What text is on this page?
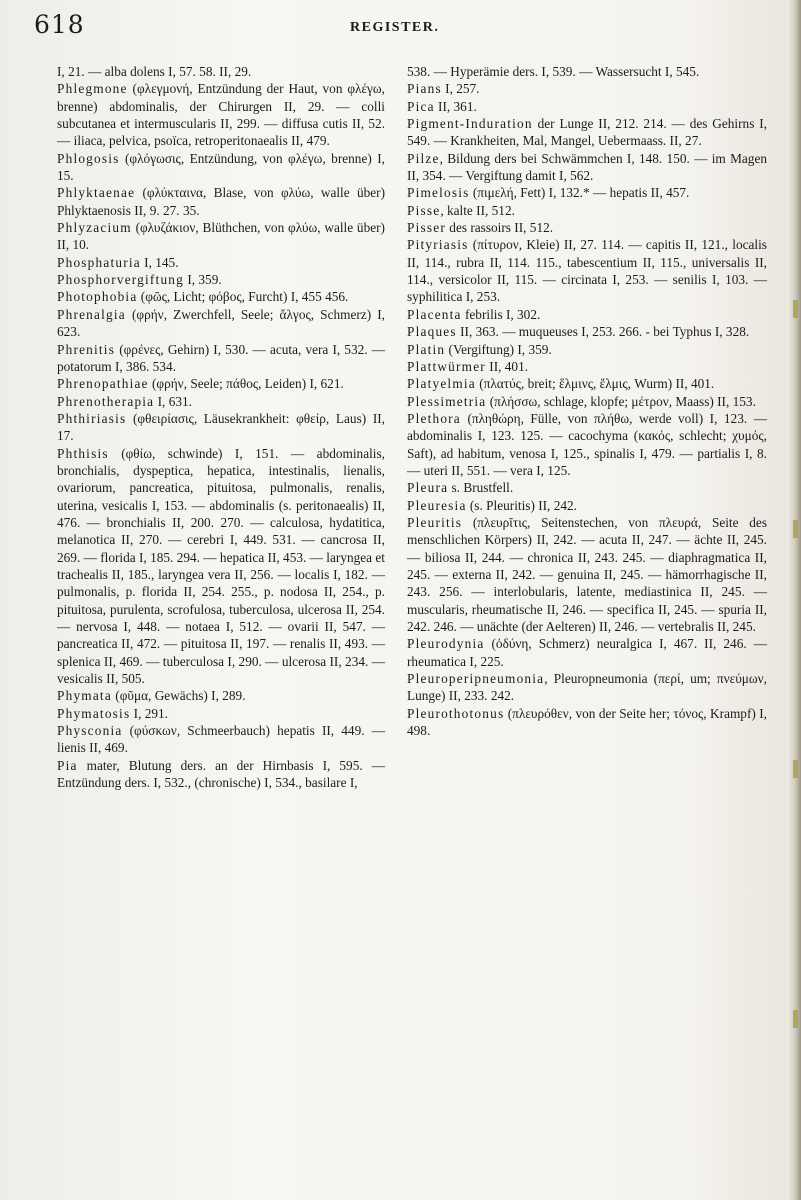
618	REGISTER.

I, 21. — alba dolens I, 57. 58. II, 29.

Phlegmone (φλεγμονή, Entzündung der Haut, von φλέγω, brenne) abdominalis, der Chirurgen II, 29. — colli subcutanea et intermuscularis II, 299. — diffusa cutis II, 52. — iliaca, pelvica, psoïca, retroperitonaealis II, 479.

Phlogosis (φλόγωσις, Entzündung, von φλέγω, brenne) I, 15.

Phlyktaenae (φλύκταινα, Blase, von φλύω, walle über) Phlyktaenosis II, 9. 27. 35.

Phlyzacium (φλυζάκιον, Blüthchen, von φλύω, walle über) II, 10.

Phosphaturia I, 145.

Phosphorvergiftung I, 359.

Photophobia (φῶς, Licht; φόβος, Furcht) I, 455 456.

Phrenalgia (φρήν, Zwerchfell, Seele; ἄλγος, Schmerz) I, 623.

Phrenitis (φρένες, Gehirn) I, 530. — acuta, vera I, 532. — potatorum I, 386. 534.

Phrenopathiae (φρήν, Seele; πάθος, Leiden) I, 621.

Phrenotherapia I, 631.

Phthiriasis (φθειρίασις, Läusekrankheit: φθείρ, Laus) II, 17.

Phthisis (φθίω, schwinde) I, 151. — abdominalis, bronchialis, dyspeptica, hepatica, intestinalis, lienalis, ovariorum, pancreatica, pituitosa, pulmonalis, renalis, uterina, vesicalis I, 153. — abdominalis (s. peritonaealis) II, 476. — bronchialis II, 200. 270. — calculosa, hydatitica, melanotica II, 270. — cerebri I, 449. 531. — cancrosa II, 269. — florida I, 185. 294. — hepatica II, 453. — laryngea et trachealis II, 185., laryngea vera II, 256. — localis I, 182. — pulmonalis, p. florida II, 254. 255., p. nodosa II, 254., p. pituitosa, purulenta, scrofulosa, tuberculosa, ulcerosa II, 254. — nervosa I, 448. — notaea I, 512. — ovarii II, 547. — pancreatica II, 472. — pituitosa II, 197. — renalis II, 493. — splenica II, 469. — tuberculosa I, 290. — ulcerosa II, 234. — vesicalis II, 505.

Phymata (φῦμα, Gewächs) I, 289.

Phymatosis I, 291.

Physconia (φύσκων, Schmeerbauch) hepatis II, 449. — lienis II, 469.

Pia mater, Blutung ders. an der Hirnbasis I, 595. — Entzündung ders. I, 532., (chronische) I, 534., basilare I,

538. — Hyperämie ders. I, 539. — Wassersucht I, 545.

Pians I, 257.

Pica II, 361.

Pigment-Induration der Lunge II, 212. 214. — des Gehirns I, 549. — Krankheiten, Mal, Mangel, Uebermaass. II, 27.

Pilze, Bildung ders bei Schwämmchen I, 148. 150. — im Magen II, 354. — Vergiftung damit I, 562.

Pimelosis (πιμελή, Fett) I, 132.* — hepatis II, 457.

Pisse, kalte II, 512.

Pisser des rassoirs II, 512.

Pityriasis (πίτυρον, Kleie) II, 27. 114. — capitis II, 121., localis II, 114., rubra II, 114. 115., tabescentium II, 115., universalis II, 114., versicolor II, 115. — circinata I, 253. — senilis I, 103. — syphilitica I, 253.

Placenta febrilis I, 302.

Plaques II, 363. — muqueuses I, 253. 266. - bei Typhus I, 328.

Platin (Vergiftung) I, 359.

Plattwürmer II, 401.

Platyelmia (πλατύς, breit; ἕλμινς, ἕλμις, Wurm) II, 401.

Plessimetria (πλήσσω, schlage, klopfe; μέτρον, Maass) II, 153.

Plethora (πληθώρη, Fülle, von πλήθω, werde voll) I, 123. — abdominalis I, 123. 125. — cacochyma (κακός, schlecht; χυμός, Saft), ad habitum, venosa I, 125., spinalis I, 479. — partialis I, 8. — uteri II, 551. — vera I, 125.

Pleura s. Brustfell.

Pleuresia (s. Pleuritis) II, 242.

Pleuritis (πλευρῖτις, Seitenstechen, von πλευρά, Seite des menschlichen Körpers) II, 242. — acuta II, 247. — ächte II, 245. — biliosa II, 244. — chronica II, 243. 245. — diaphragmatica II, 245. — externa II, 242. — genuina II, 245. — hämorrhagische II, 243. 256. — interlobularis, latente, mediastinica II, 245. — muscularis, rheumatische II, 246. — specifica II, 245. — spuria II, 242. 246. — unächte (der Aelteren) II, 246. — vertebralis II, 245.

Pleurodynia (ὀδύνη, Schmerz) neuralgica I, 467. II, 246. — rheumatica I, 225.

Pleuroperipneumonia, Pleuropneumonia (περί, um; πνεύμων, Lunge) II, 233. 242.

Pleurothotonus (πλευρόθεν, von der Seite her; τόνος, Krampf) I, 498.
